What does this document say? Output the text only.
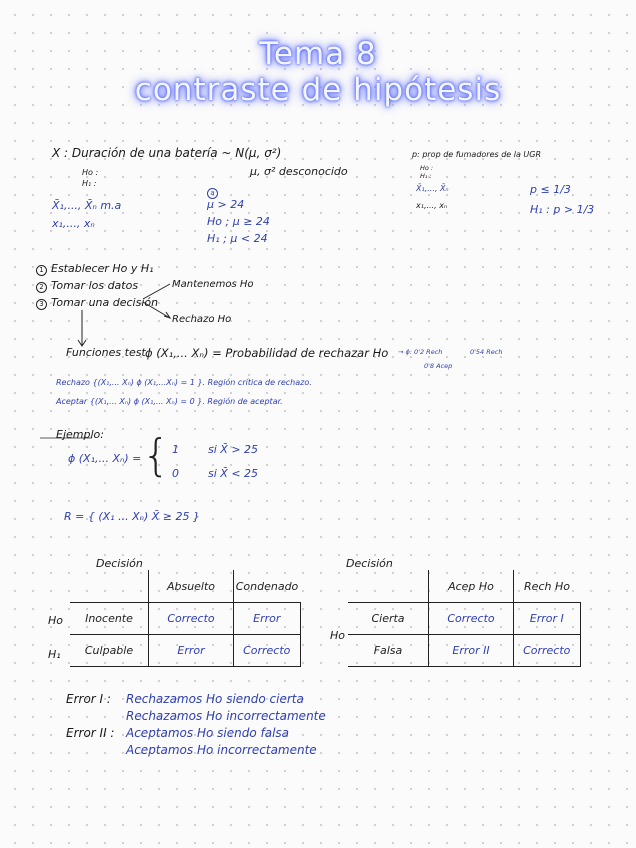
Tema 8
contraste de hipótesis
X : Duración de una batería ~ N(μ, σ²)
μ, σ² desconocido
Ho :
H₁ :
X̄₁,..., X̄ₙ m.a
x₁,..., xₙ
a
μ > 24
Ho ; μ ≥ 24
H₁ ; μ < 24
p: prop de fumadores de la UGR
Ho :
H₁ :
X̄₁,..., X̄ₙ
x₁,..., xₙ
p ≤ 1/3
H₁ : p > 1/3
1 Establecer Ho y H₁
2 Tomar los datos
3 Tomar una decisión
Mantenemos Ho
Rechazo Ho
Funciones test ϕ (X₁,... Xₙ) = Probabilidad de rechazar Ho → ϕ: 0'2 Rech
0'8 Acep
0'54 Rech
Rechazo {(X₁,... Xₙ) ϕ (X₁,...Xₙ) = 1 }. Región crítica de rechazo.
Aceptar {(X₁,... Xₙ) ϕ (X₁,... Xₙ) = 0 }. Región de aceptar.
Ejemplo:
ϕ (X₁,... Xₙ) = { 1	si X̄ > 25
0	si X̄ < 25
R = { (X₁ ... Xₙ) X̄ ≥ 25 }
Decisión
Ho
H₁
	Absuelto	Condenado
Inocente	Correcto	Error
Culpable	Error	Correcto
Decisión
Ho
	Acep Ho	Rech Ho
Cierta	Correcto	Error I
Falsa	Error II	Correcto
Error I : Rechazamos Ho siendo cierta
Rechazamos Ho incorrectamente
Error II : Aceptamos Ho siendo falsa
Aceptamos Ho incorrectamente
